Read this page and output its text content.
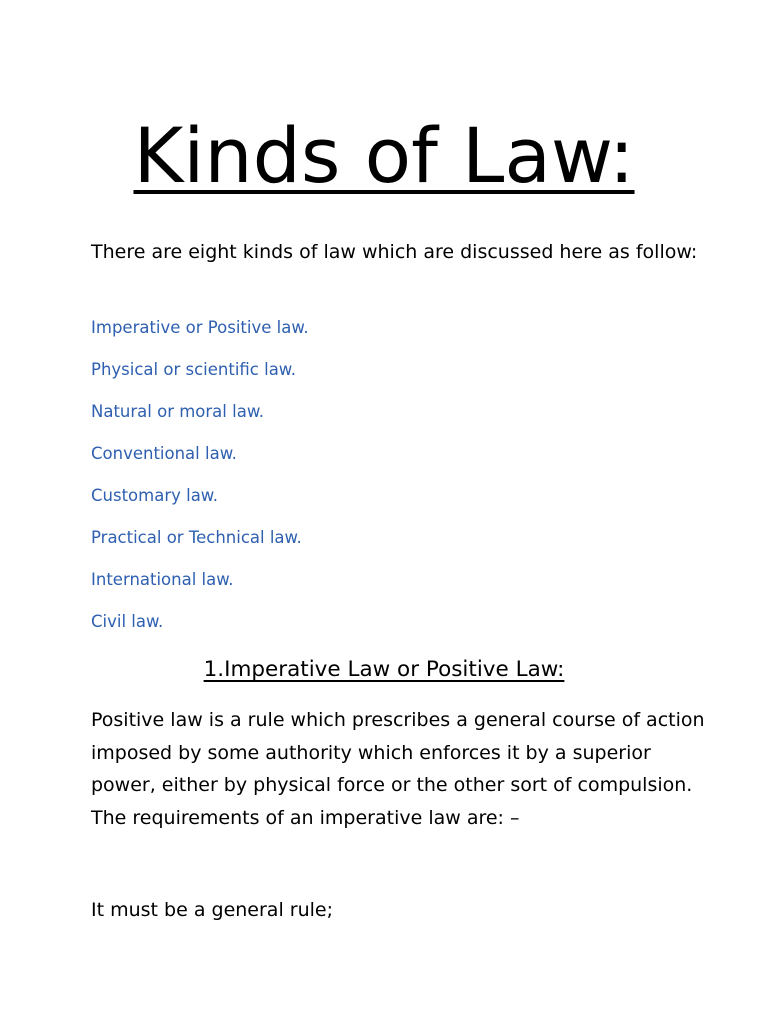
Kinds of Law:
There are eight kinds of law which are discussed here as follow:
Imperative or Positive law.
Physical or scientific law.
Natural or moral law.
Conventional law.
Customary law.
Practical or Technical law.
International law.
Civil law.
1.Imperative Law or Positive Law:

Positive law is a rule which prescribes a general course of action
imposed by some authority which enforces it by a superior
power, either by physical force or the other sort of compulsion.
The requirements of an imperative law are: –

It must be a general rule;
